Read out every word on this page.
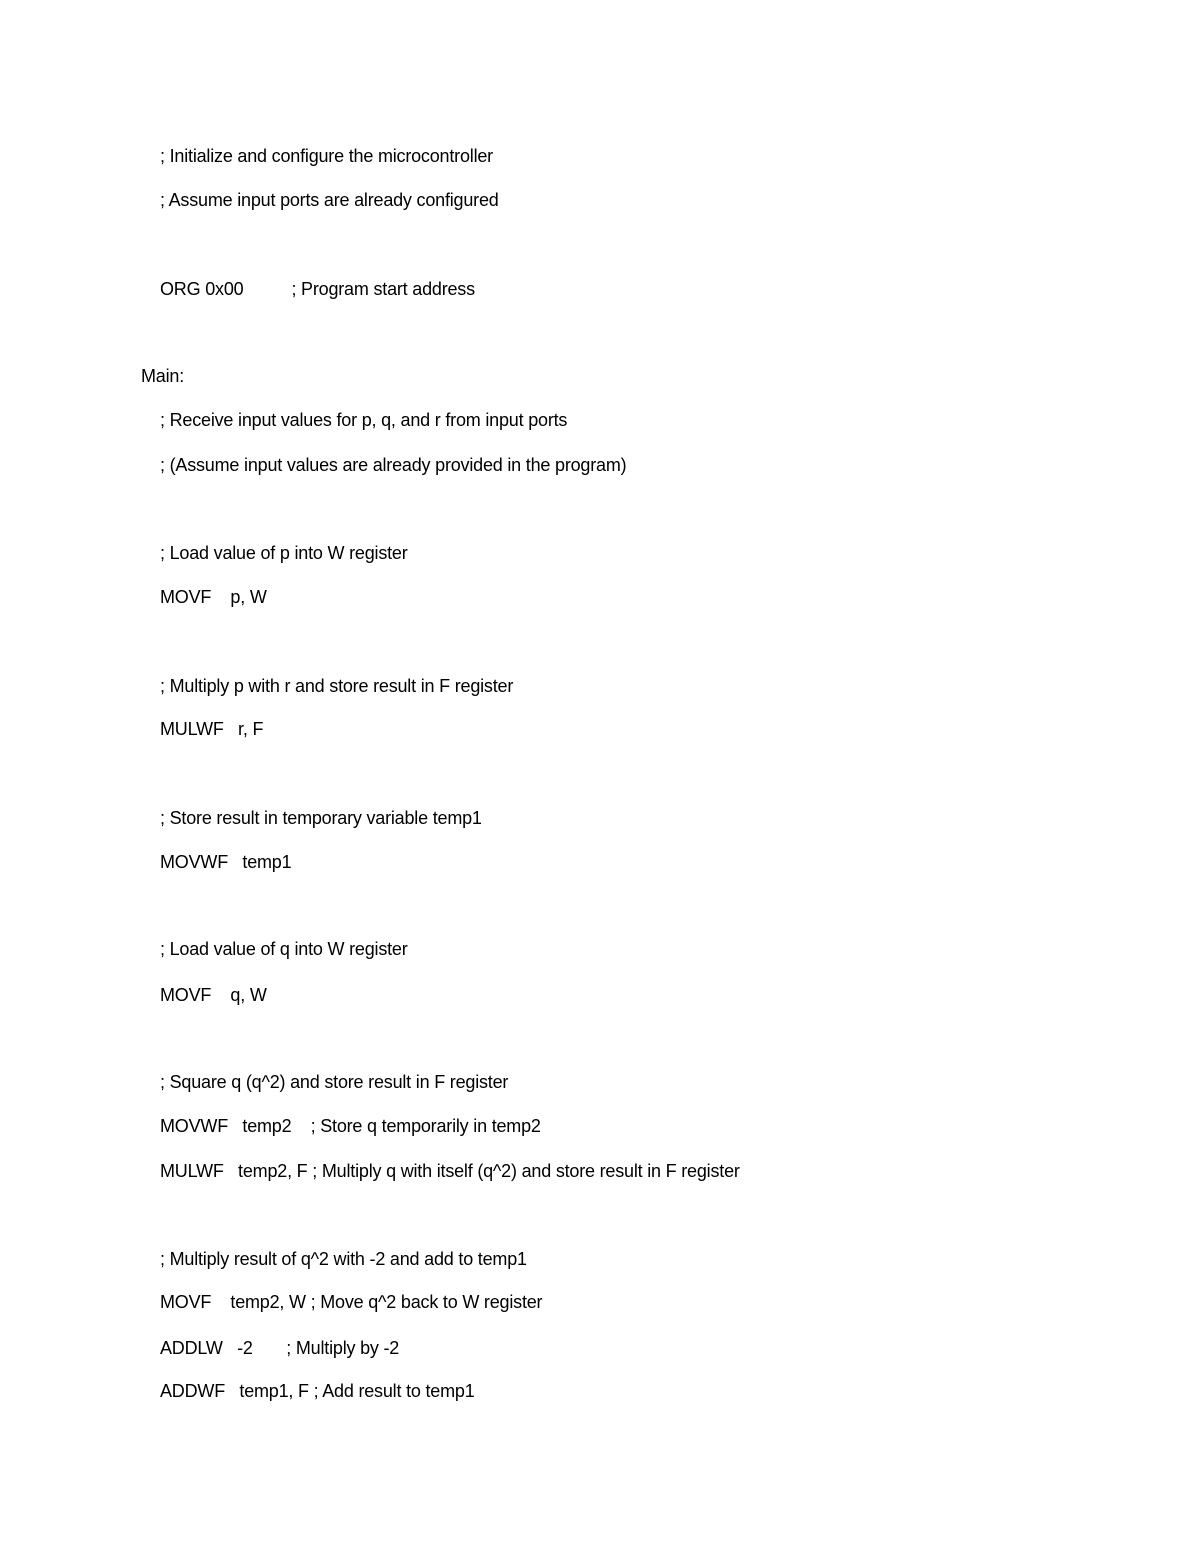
; Initialize and configure the microcontroller
; Assume input ports are already configured
ORG 0x00          ; Program start address
Main:
; Receive input values for p, q, and r from input ports
; (Assume input values are already provided in the program)
; Load value of p into W register
MOVF    p, W
; Multiply p with r and store result in F register
MULWF   r, F
; Store result in temporary variable temp1
MOVWF   temp1
; Load value of q into W register
MOVF    q, W
; Square q (q^2) and store result in F register
MOVWF   temp2    ; Store q temporarily in temp2
MULWF   temp2, F ; Multiply q with itself (q^2) and store result in F register
; Multiply result of q^2 with -2 and add to temp1
MOVF    temp2, W ; Move q^2 back to W register
ADDLW   -2       ; Multiply by -2
ADDWF   temp1, F ; Add result to temp1
